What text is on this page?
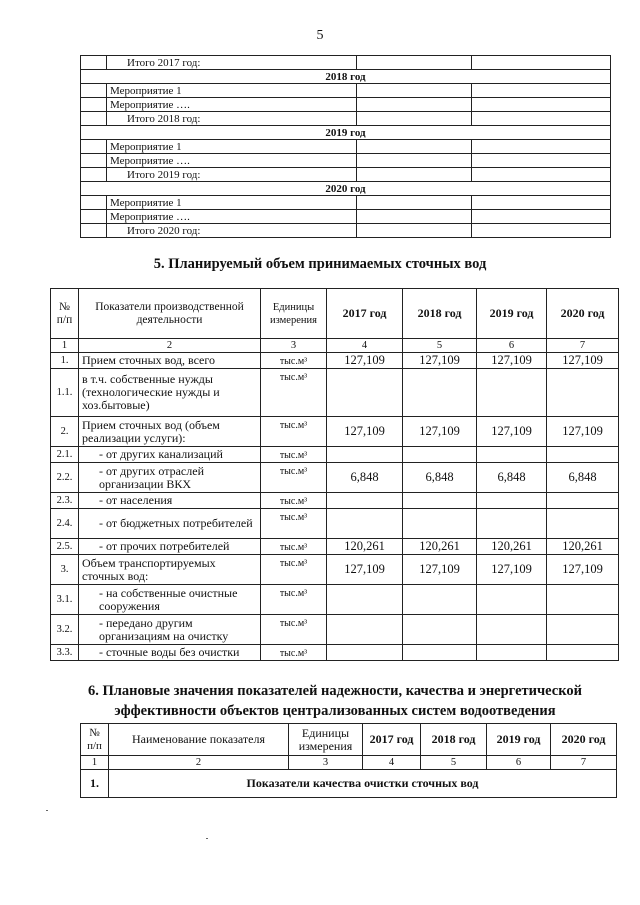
5
	Итого 2017 год:		
2018 год			
	Мероприятие 1		
	Мероприятие ….		
	Итого 2018 год:		
2019 год			
	Мероприятие 1		
	Мероприятие ….		
	Итого 2019 год:		
2020 год			
	Мероприятие 1		
	Мероприятие ….		
	Итого 2020 год:		
5. Планируемый объем принимаемых сточных вод
№ п/п	Показатели производственной деятельности	Единицы измерения	2017 год	2018 год	2019 год	2020 год
1	2	3	4	5	6	7
1.	Прием сточных вод, всего	тыс.м³	127,109	127,109	127,109	127,109
1.1.	в т.ч. собственные нужды (технологические нужды и хоз.бытовые)	тыс.м³				
2.	Прием сточных вод (объем реализации услуги):	тыс.м³	127,109	127,109	127,109	127,109
2.1.	- от других канализаций	тыс.м³				
2.2.	- от других отраслей организации ВКХ	тыс.м³	6,848	6,848	6,848	6,848
2.3.	- от населения	тыс.м³				
2.4.	- от бюджетных потребителей	тыс.м³				
2.5.	- от прочих потребителей	тыс.м³	120,261	120,261	120,261	120,261
3.	Объем транспортируемых сточных вод:	тыс.м³	127,109	127,109	127,109	127,109
3.1.	- на собственные очистные сооружения	тыс.м³				
3.2.	- передано другим организациям на очистку	тыс.м³				
3.3.	- сточные воды без очистки	тыс.м³				
6. Плановые значения показателей надежности, качества и энергетической
эффективности объектов централизованных систем водоотведения
№ п/п	Наименование показателя	Единицы измерения	2017 год	2018 год	2019 год	2020 год
1	2	3	4	5	6	7
1.	Показатели качества очистки сточных вод					
